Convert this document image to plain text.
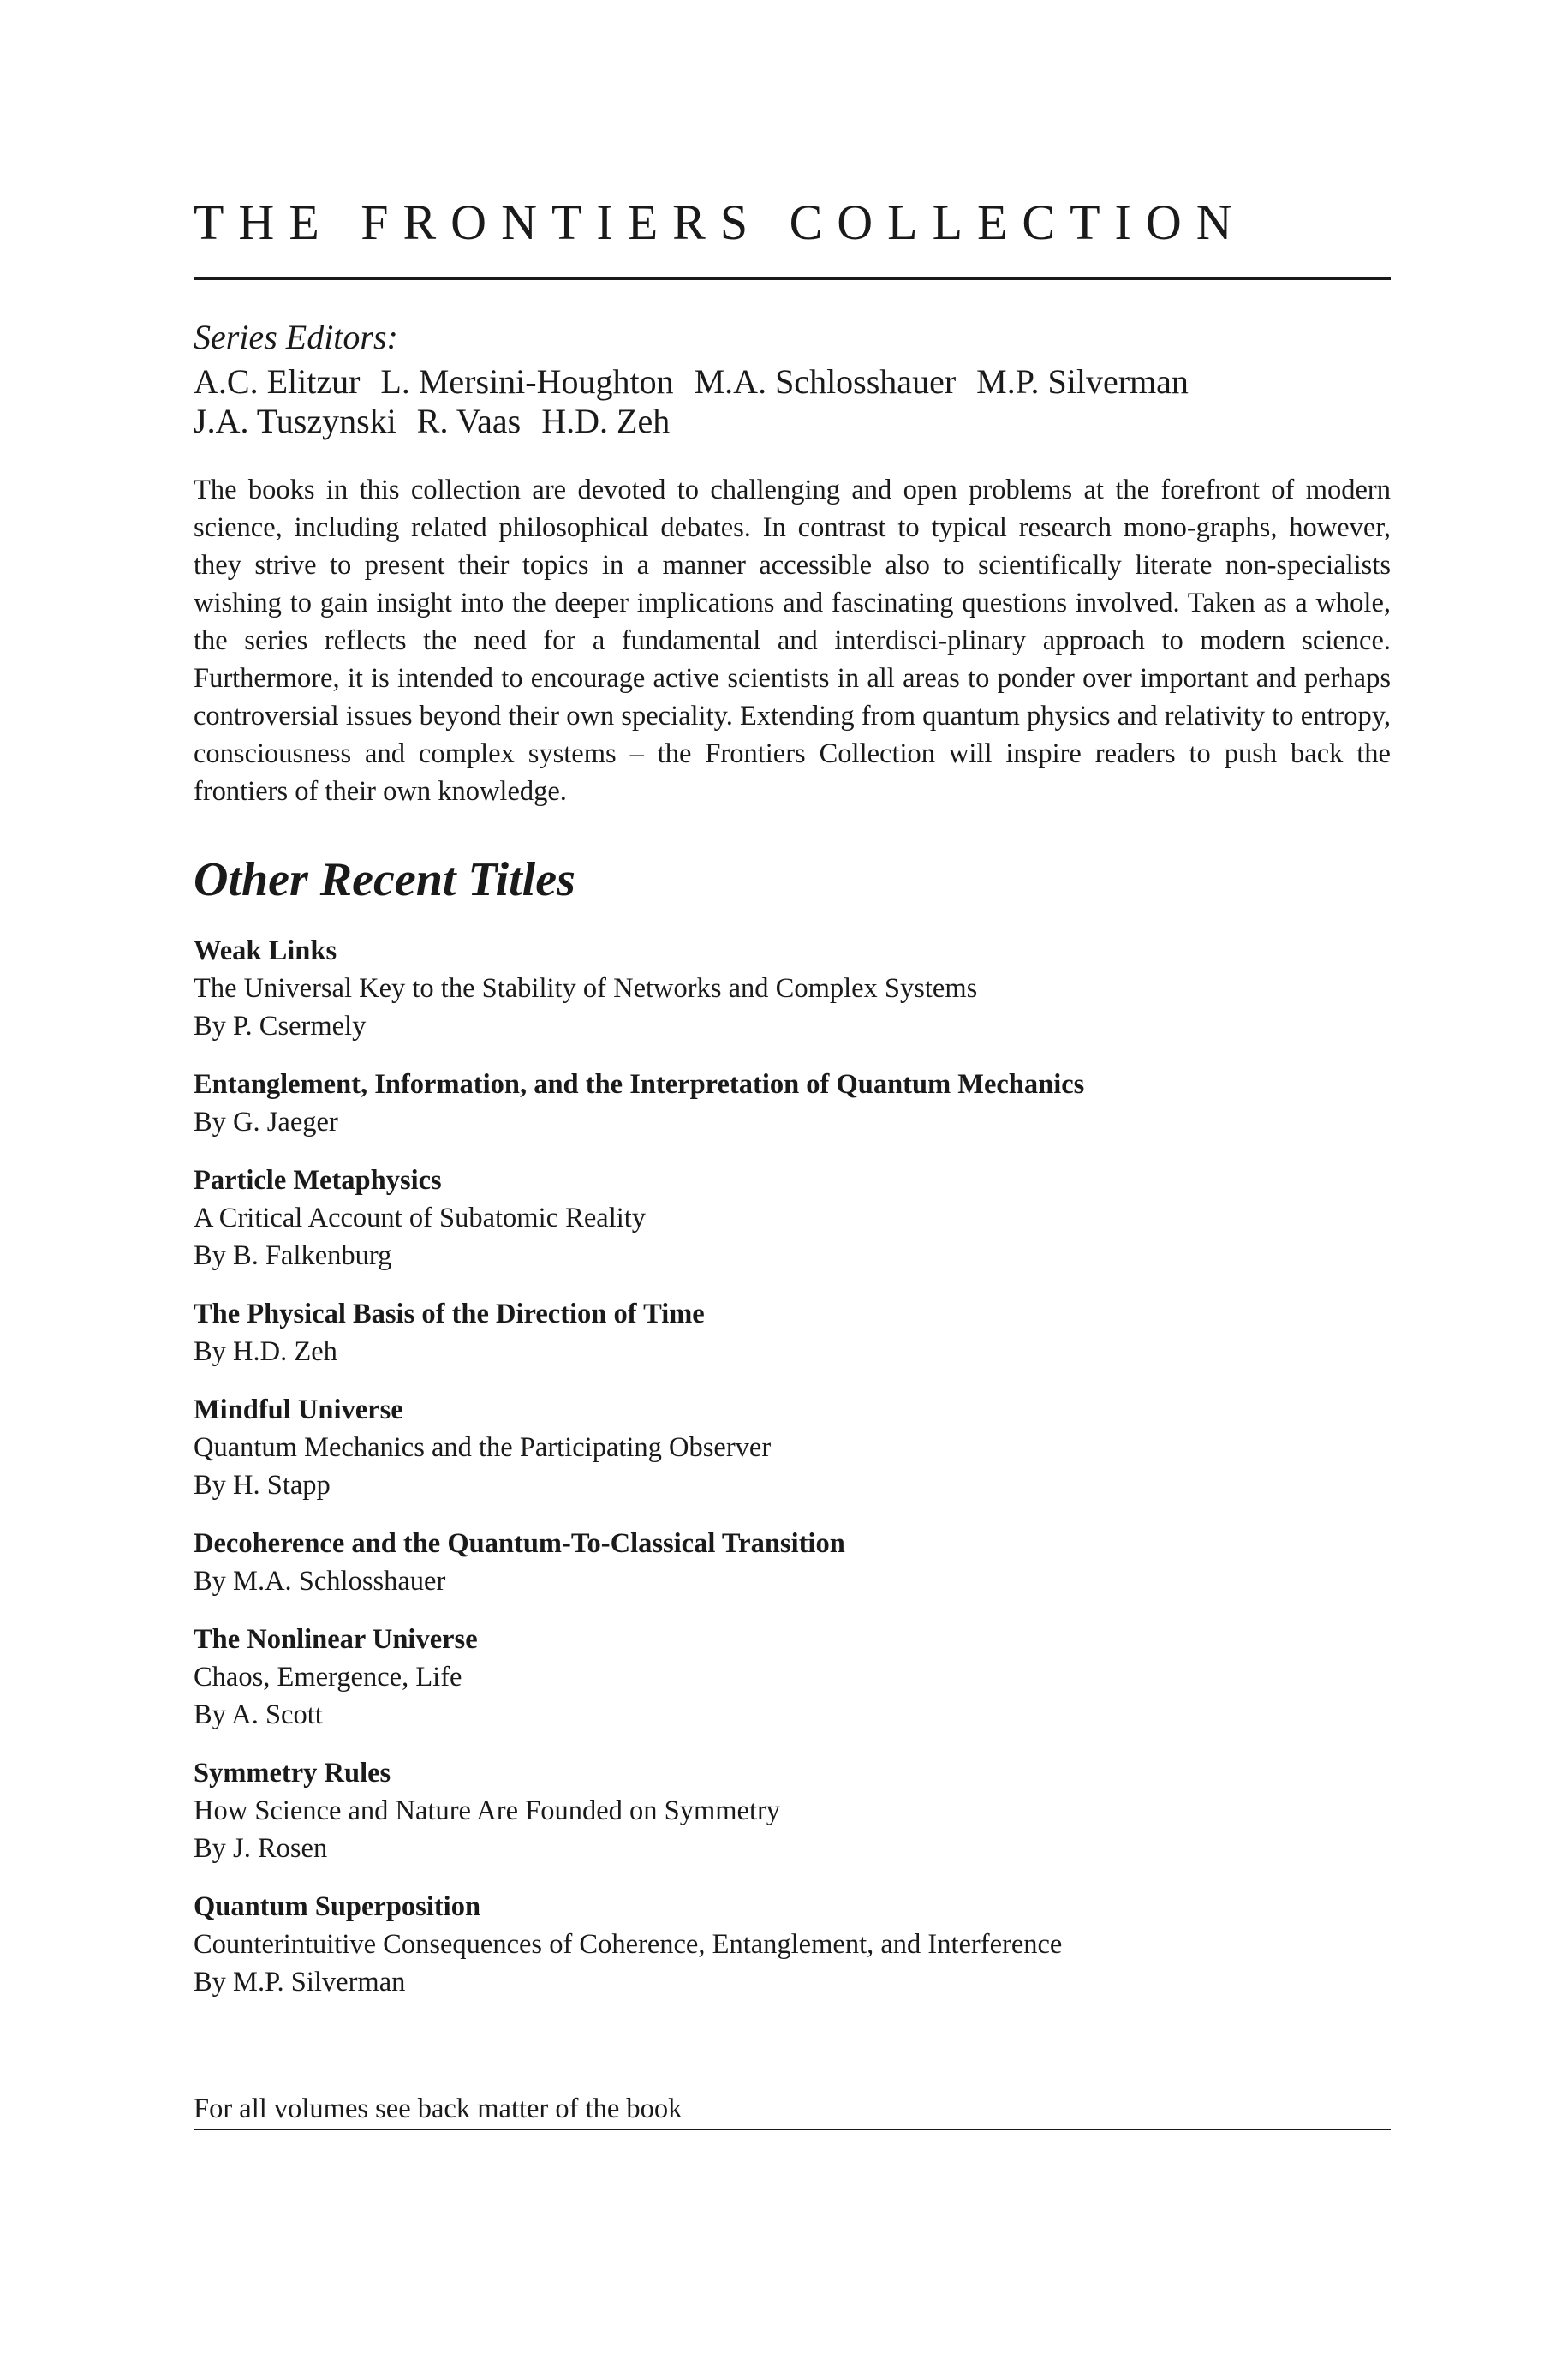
THE FRONTIERS COLLECTION

Series Editors:

A.C. Elitzur L. Mersini-Houghton M.A. Schlosshauer M.P. Silverman

J.A. Tuszynski R. Vaas H.D. Zeh

The books in this collection are devoted to challenging and open problems at the forefront of modern science, including related philosophical debates. In contrast to typical research mono-graphs, however, they strive to present their topics in a manner accessible also to scientifically literate non-specialists wishing to gain insight into the deeper implications and fascinating questions involved. Taken as a whole, the series reflects the need for a fundamental and interdisci-plinary approach to modern science. Furthermore, it is intended to encourage active scientists in all areas to ponder over important and perhaps controversial issues beyond their own speciality. Extending from quantum physics and relativity to entropy, consciousness and complex systems – the Frontiers Collection will inspire readers to push back the frontiers of their own knowledge.

Other Recent Titles
Weak Links
The Universal Key to the Stability of Networks and Complex Systems
By P. Csermely
Entanglement, Information, and the Interpretation of Quantum Mechanics
By G. Jaeger
Particle Metaphysics
A Critical Account of Subatomic Reality
By B. Falkenburg
The Physical Basis of the Direction of Time
By H.D. Zeh
Mindful Universe
Quantum Mechanics and the Participating Observer
By H. Stapp
Decoherence and the Quantum-To-Classical Transition
By M.A. Schlosshauer
The Nonlinear Universe
Chaos, Emergence, Life
By A. Scott
Symmetry Rules
How Science and Nature Are Founded on Symmetry
By J. Rosen
Quantum Superposition
Counterintuitive Consequences of Coherence, Entanglement, and Interference
By M.P. Silverman

For all volumes see back matter of the book
